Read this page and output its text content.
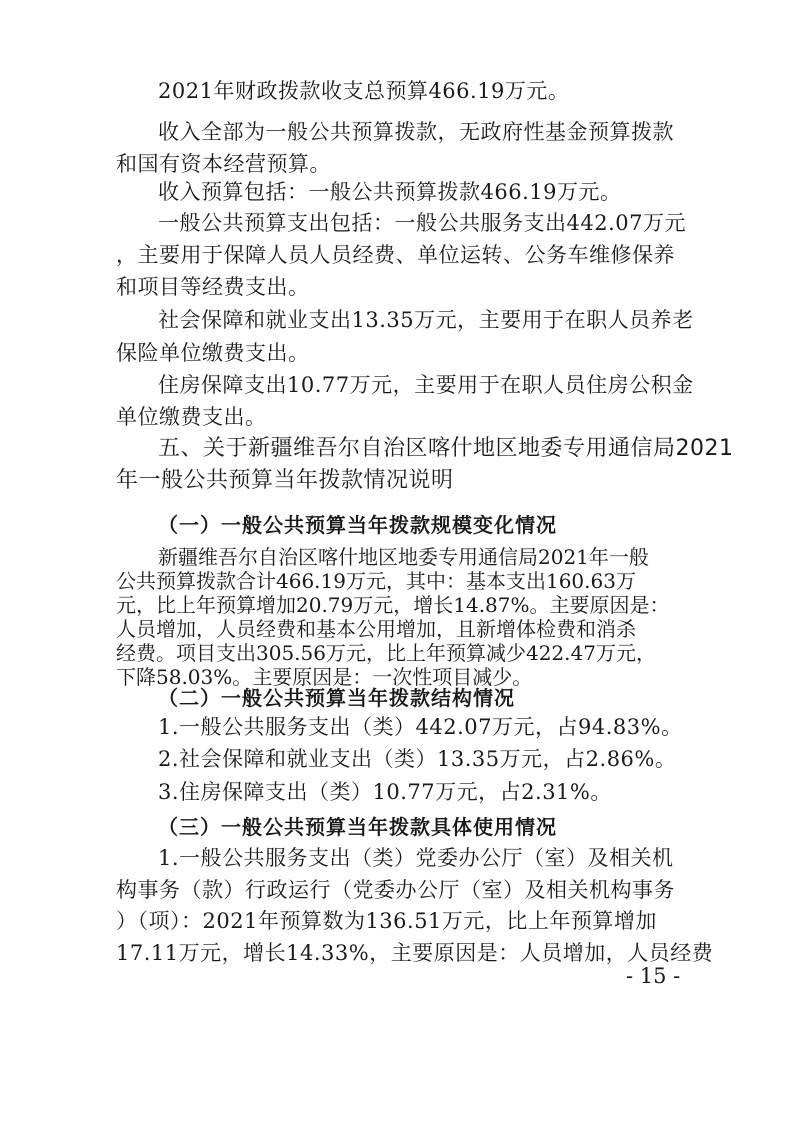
2021年财政拨款收支总预算466.19万元。
收入全部为一般公共预算拨款，无政府性基金预算拨款
和国有资本经营预算。
收入预算包括：一般公共预算拨款466.19万元。
一般公共预算支出包括：一般公共服务支出442.07万元
，主要用于保障人员人员经费、单位运转、公务车维修保养
和项目等经费支出。
社会保障和就业支出13.35万元，主要用于在职人员养老
保险单位缴费支出。
住房保障支出10.77万元，主要用于在职人员住房公积金
单位缴费支出。
五、关于新疆维吾尔自治区喀什地区地委专用通信局2021
年一般公共预算当年拨款情况说明
（一）一般公共预算当年拨款规模变化情况
新疆维吾尔自治区喀什地区地委专用通信局2021年一般
公共预算拨款合计466.19万元，其中：基本支出160.63万
元，比上年预算增加20.79万元，增长14.87%。主要原因是：
人员增加，人员经费和基本公用增加，且新增体检费和消杀
经费。项目支出305.56万元，比上年预算减少422.47万元，
下降58.03%。主要原因是：一次性项目减少。
（二）一般公共预算当年拨款结构情况
1.一般公共服务支出（类）442.07万元，占94.83%。
2.社会保障和就业支出（类）13.35万元，占2.86%。
3.住房保障支出（类）10.77万元，占2.31%。
（三）一般公共预算当年拨款具体使用情况
1.一般公共服务支出（类）党委办公厅（室）及相关机
构事务（款）行政运行（党委办公厅（室）及相关机构事务
）（项）：2021年预算数为136.51万元，比上年预算增加
17.11万元，增长14.33%，主要原因是：人员增加，人员经费
- 15 -
